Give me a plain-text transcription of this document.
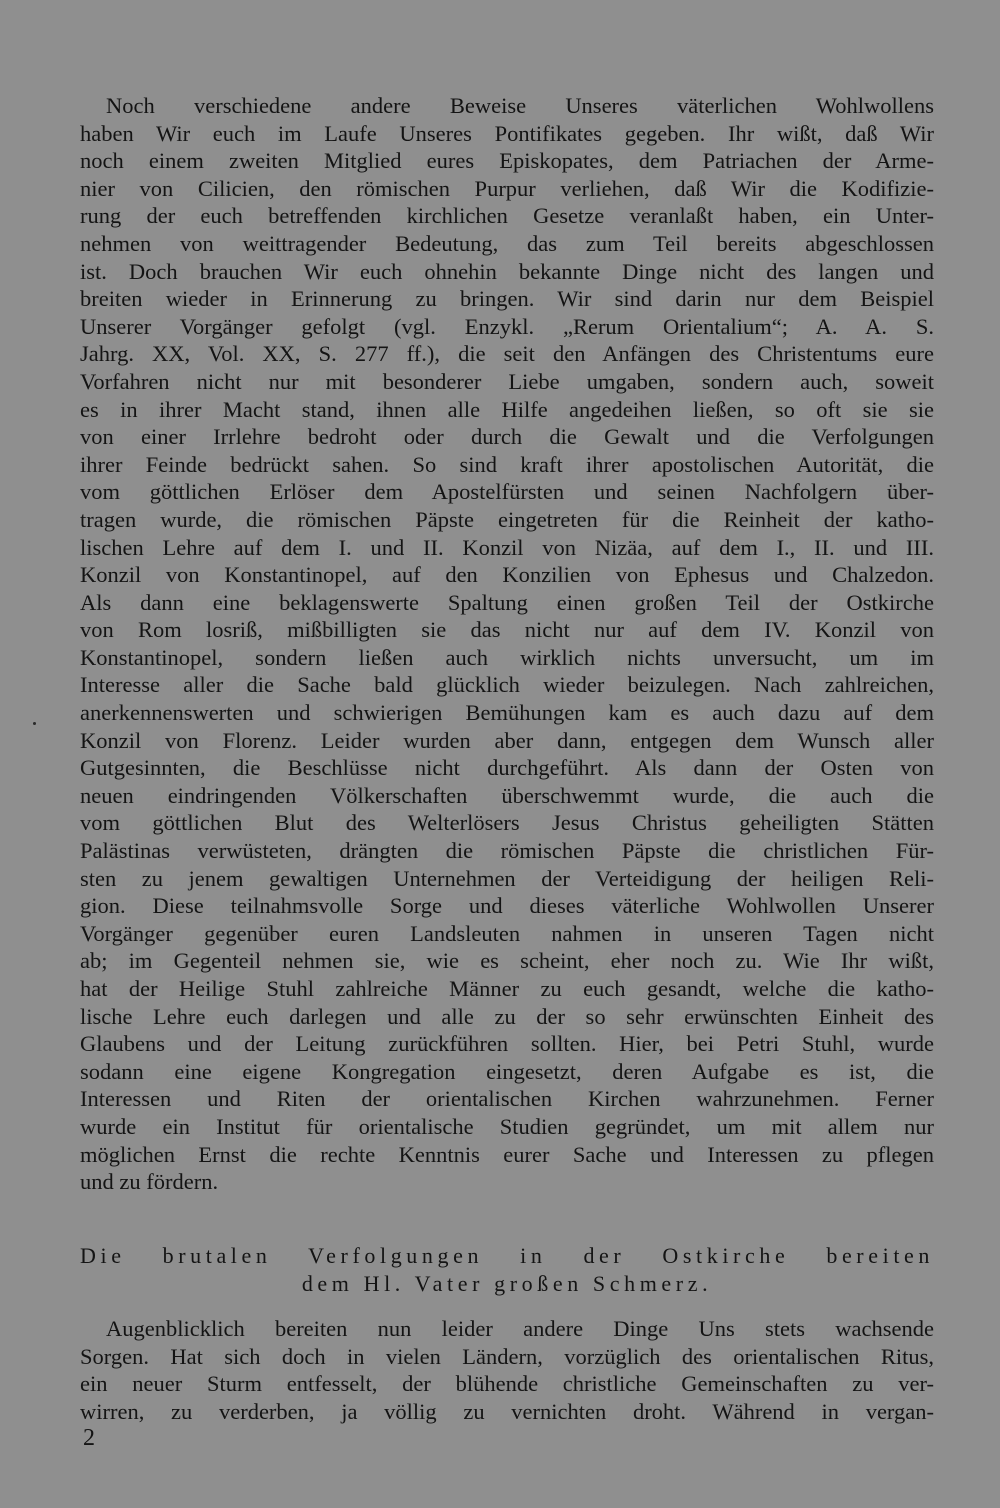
Noch verschiedene andere Beweise Unseres väterlichen Wohlwollens
haben Wir euch im Laufe Unseres Pontifikates gegeben. Ihr wißt, daß Wir
noch einem zweiten Mitglied eures Episkopates, dem Patriachen der Arme-
nier von Cilicien, den römischen Purpur verliehen, daß Wir die Kodifizie-
rung der euch betreffenden kirchlichen Gesetze veranlaßt haben, ein Unter-
nehmen von weittragender Bedeutung, das zum Teil bereits abgeschlossen
ist. Doch brauchen Wir euch ohnehin bekannte Dinge nicht des langen und
breiten wieder in Erinnerung zu bringen. Wir sind darin nur dem Beispiel
Unserer Vorgänger gefolgt (vgl. Enzykl. „Rerum Orientalium“; A. A. S.
Jahrg. XX, Vol. XX, S. 277 ff.), die seit den Anfängen des Christentums eure
Vorfahren nicht nur mit besonderer Liebe umgaben, sondern auch, soweit
es in ihrer Macht stand, ihnen alle Hilfe angedeihen ließen, so oft sie sie
von einer Irrlehre bedroht oder durch die Gewalt und die Verfolgungen
ihrer Feinde bedrückt sahen. So sind kraft ihrer apostolischen Autorität, die
vom göttlichen Erlöser dem Apostelfürsten und seinen Nachfolgern über-
tragen wurde, die römischen Päpste eingetreten für die Reinheit der katho-
lischen Lehre auf dem I. und II. Konzil von Nizäa, auf dem I., II. und III.
Konzil von Konstantinopel, auf den Konzilien von Ephesus und Chalzedon.
Als dann eine beklagenswerte Spaltung einen großen Teil der Ostkirche
von Rom losriß, mißbilligten sie das nicht nur auf dem IV. Konzil von
Konstantinopel, sondern ließen auch wirklich nichts unversucht, um im
Interesse aller die Sache bald glücklich wieder beizulegen. Nach zahlreichen,
anerkennenswerten und schwierigen Bemühungen kam es auch dazu auf dem
Konzil von Florenz. Leider wurden aber dann, entgegen dem Wunsch aller
Gutgesinnten, die Beschlüsse nicht durchgeführt. Als dann der Osten von
neuen eindringenden Völkerschaften überschwemmt wurde, die auch die
vom göttlichen Blut des Welterlösers Jesus Christus geheiligten Stätten
Palästinas verwüsteten, drängten die römischen Päpste die christlichen Für-
sten zu jenem gewaltigen Unternehmen der Verteidigung der heiligen Reli-
gion. Diese teilnahmsvolle Sorge und dieses väterliche Wohlwollen Unserer
Vorgänger gegenüber euren Landsleuten nahmen in unseren Tagen nicht
ab; im Gegenteil nehmen sie, wie es scheint, eher noch zu. Wie Ihr wißt,
hat der Heilige Stuhl zahlreiche Männer zu euch gesandt, welche die katho-
lische Lehre euch darlegen und alle zu der so sehr erwünschten Einheit des
Glaubens und der Leitung zurückführen sollten. Hier, bei Petri Stuhl, wurde
sodann eine eigene Kongregation eingesetzt, deren Aufgabe es ist, die
Interessen und Riten der orientalischen Kirchen wahrzunehmen. Ferner
wurde ein Institut für orientalische Studien gegründet, um mit allem nur
möglichen Ernst die rechte Kenntnis eurer Sache und Interessen zu pflegen
und zu fördern.
Die brutalen Verfolgungen in der Ostkirche bereiten
dem Hl. Vater großen Schmerz.
Augenblicklich bereiten nun leider andere Dinge Uns stets wachsende
Sorgen. Hat sich doch in vielen Ländern, vorzüglich des orientalischen Ritus,
ein neuer Sturm entfesselt, der blühende christliche Gemeinschaften zu ver-
wirren, zu verderben, ja völlig zu vernichten droht. Während in vergan-
2
